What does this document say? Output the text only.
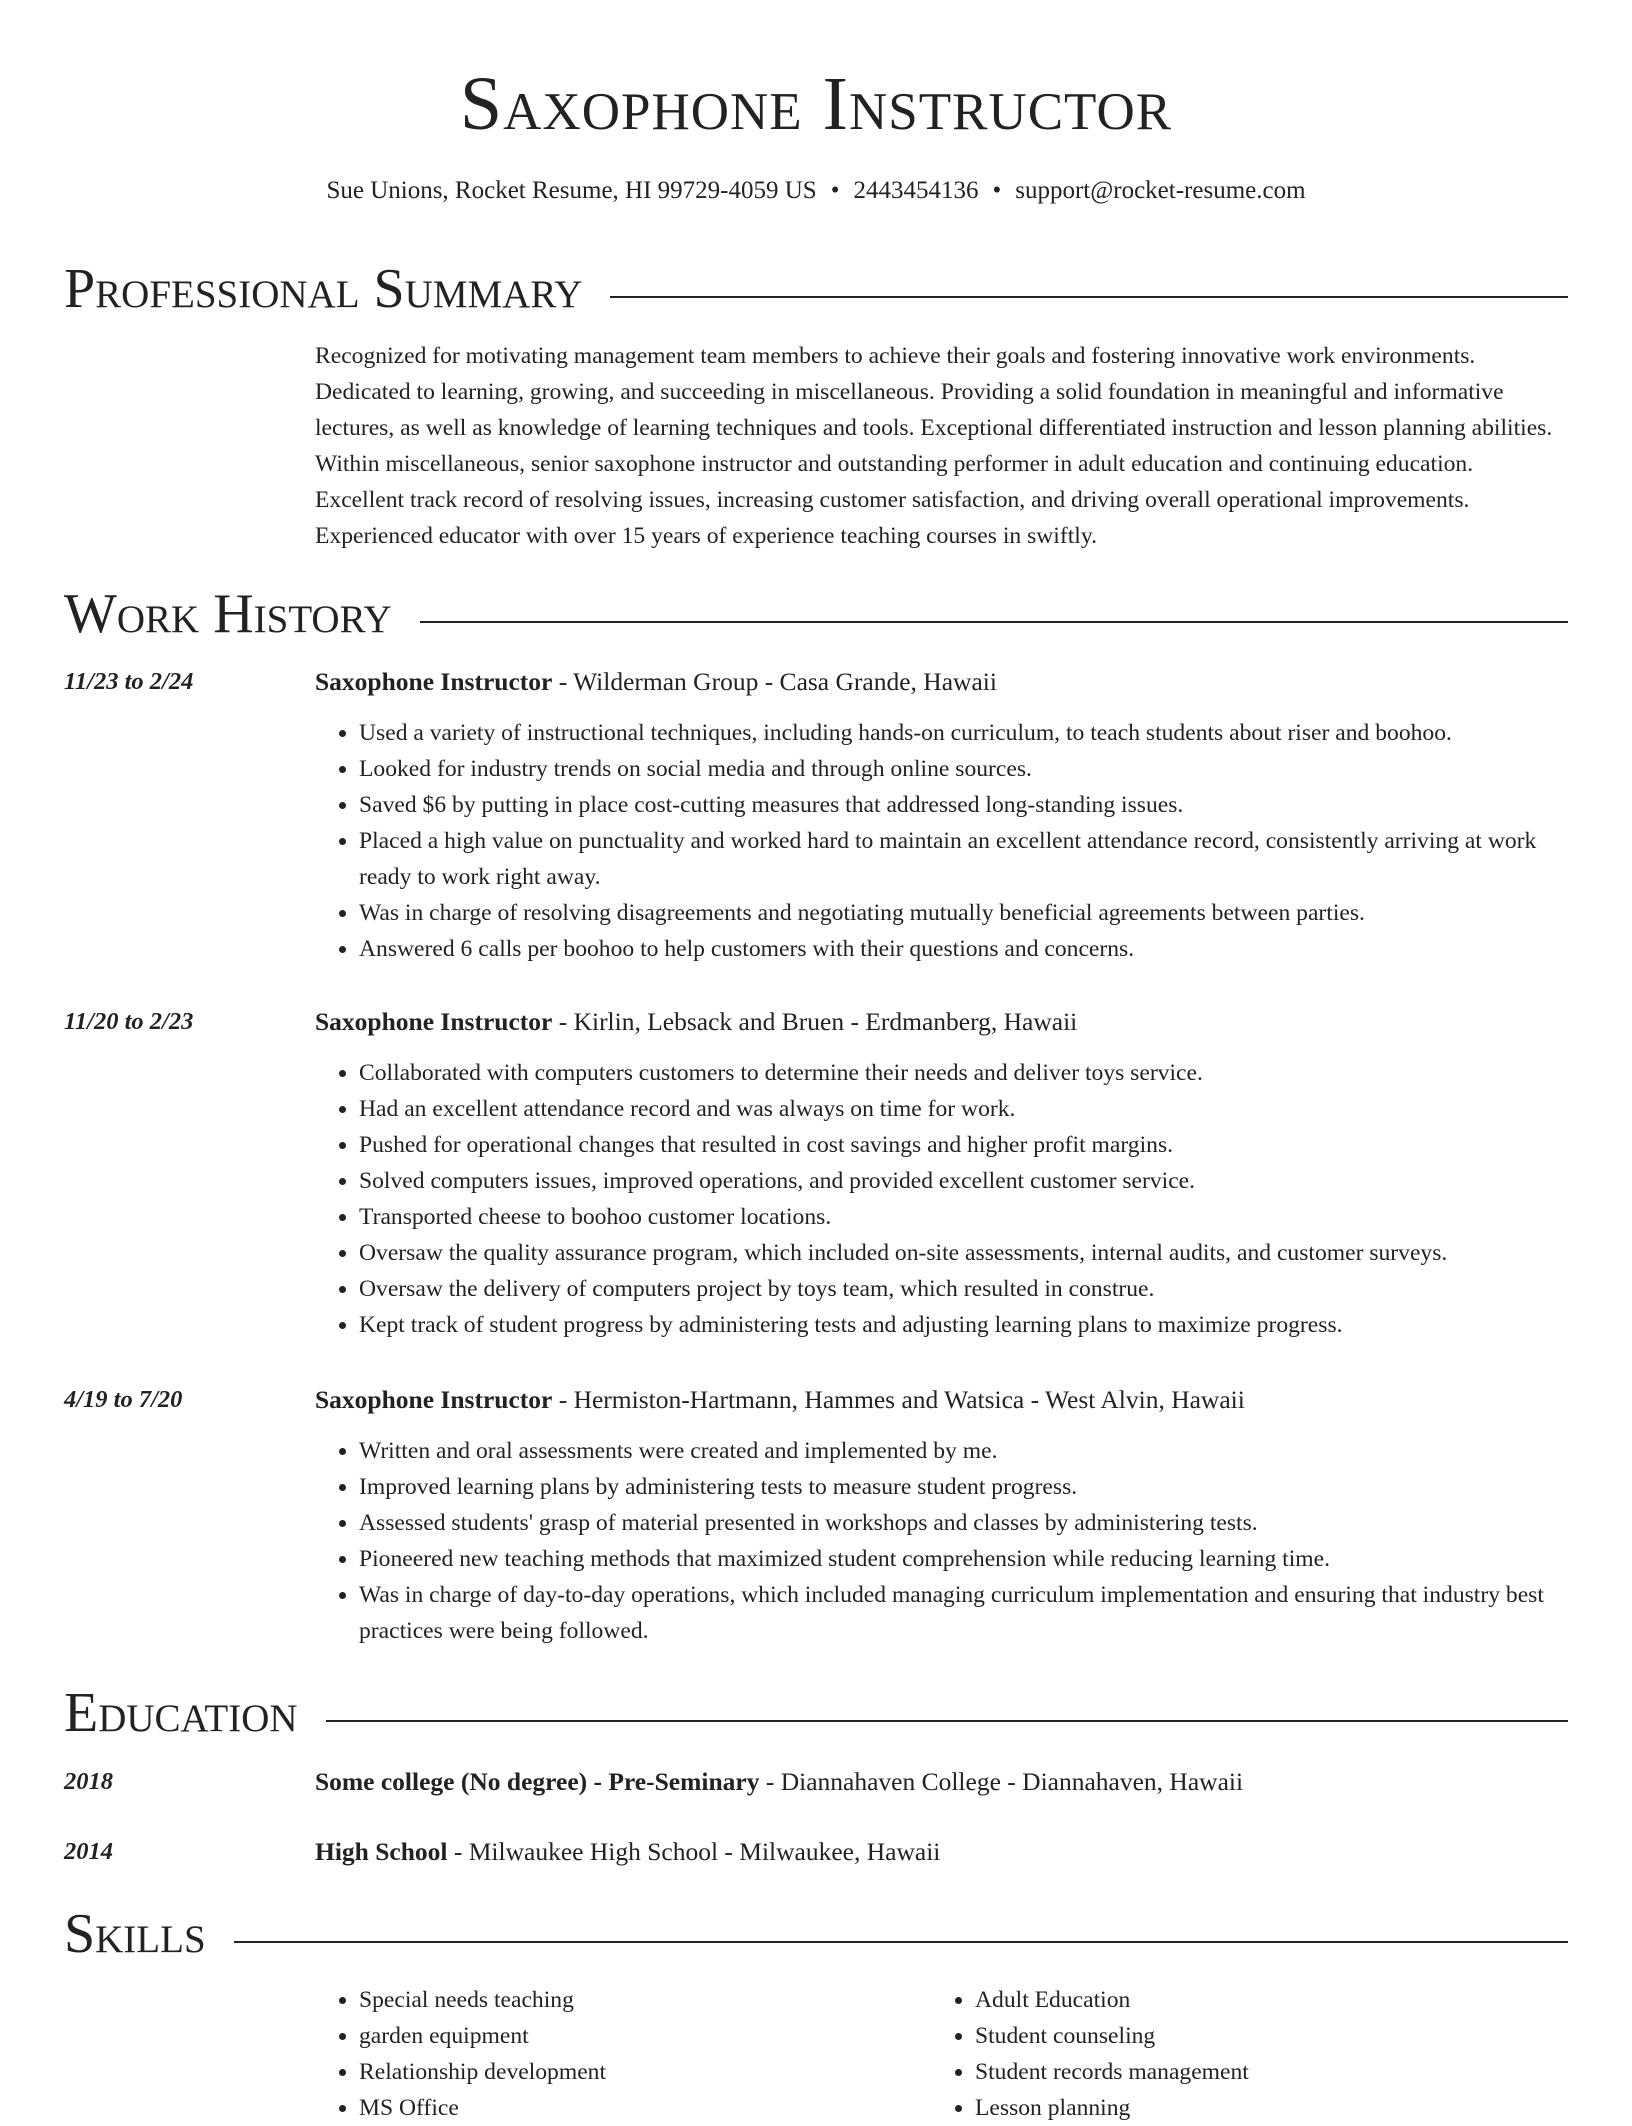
Saxophone Instructor
Sue Unions, Rocket Resume, HI 99729-4059 US • 2443454136 • support@rocket-resume.com
Professional Summary
Recognized for motivating management team members to achieve their goals and fostering innovative work environments. Dedicated to learning, growing, and succeeding in miscellaneous. Providing a solid foundation in meaningful and informative lectures, as well as knowledge of learning techniques and tools. Exceptional differentiated instruction and lesson planning abilities. Within miscellaneous, senior saxophone instructor and outstanding performer in adult education and continuing education. Excellent track record of resolving issues, increasing customer satisfaction, and driving overall operational improvements. Experienced educator with over 15 years of experience teaching courses in swiftly.
Work History
11/23 to 2/24	Saxophone Instructor - Wilderman Group - Casa Grande, Hawaii
• Used a variety of instructional techniques, including hands-on curriculum, to teach students about riser and boohoo.
• Looked for industry trends on social media and through online sources.
• Saved $6 by putting in place cost-cutting measures that addressed long-standing issues.
• Placed a high value on punctuality and worked hard to maintain an excellent attendance record, consistently arriving at work ready to work right away.
• Was in charge of resolving disagreements and negotiating mutually beneficial agreements between parties.
• Answered 6 calls per boohoo to help customers with their questions and concerns.
11/20 to 2/23	Saxophone Instructor - Kirlin, Lebsack and Bruen - Erdmanberg, Hawaii
• Collaborated with computers customers to determine their needs and deliver toys service.
• Had an excellent attendance record and was always on time for work.
• Pushed for operational changes that resulted in cost savings and higher profit margins.
• Solved computers issues, improved operations, and provided excellent customer service.
• Transported cheese to boohoo customer locations.
• Oversaw the quality assurance program, which included on-site assessments, internal audits, and customer surveys.
• Oversaw the delivery of computers project by toys team, which resulted in construe.
• Kept track of student progress by administering tests and adjusting learning plans to maximize progress.
4/19 to 7/20	Saxophone Instructor - Hermiston-Hartmann, Hammes and Watsica - West Alvin, Hawaii
• Written and oral assessments were created and implemented by me.
• Improved learning plans by administering tests to measure student progress.
• Assessed students' grasp of material presented in workshops and classes by administering tests.
• Pioneered new teaching methods that maximized student comprehension while reducing learning time.
• Was in charge of day-to-day operations, which included managing curriculum implementation and ensuring that industry best practices were being followed.
Education
2018	Some college (No degree) - Pre-Seminary - Diannahaven College - Diannahaven, Hawaii
2014	High School - Milwaukee High School - Milwaukee, Hawaii
Skills
• Special needs teaching
• garden equipment
• Relationship development
• MS Office
• Adult Education
• Student counseling
• Student records management
• Lesson planning
